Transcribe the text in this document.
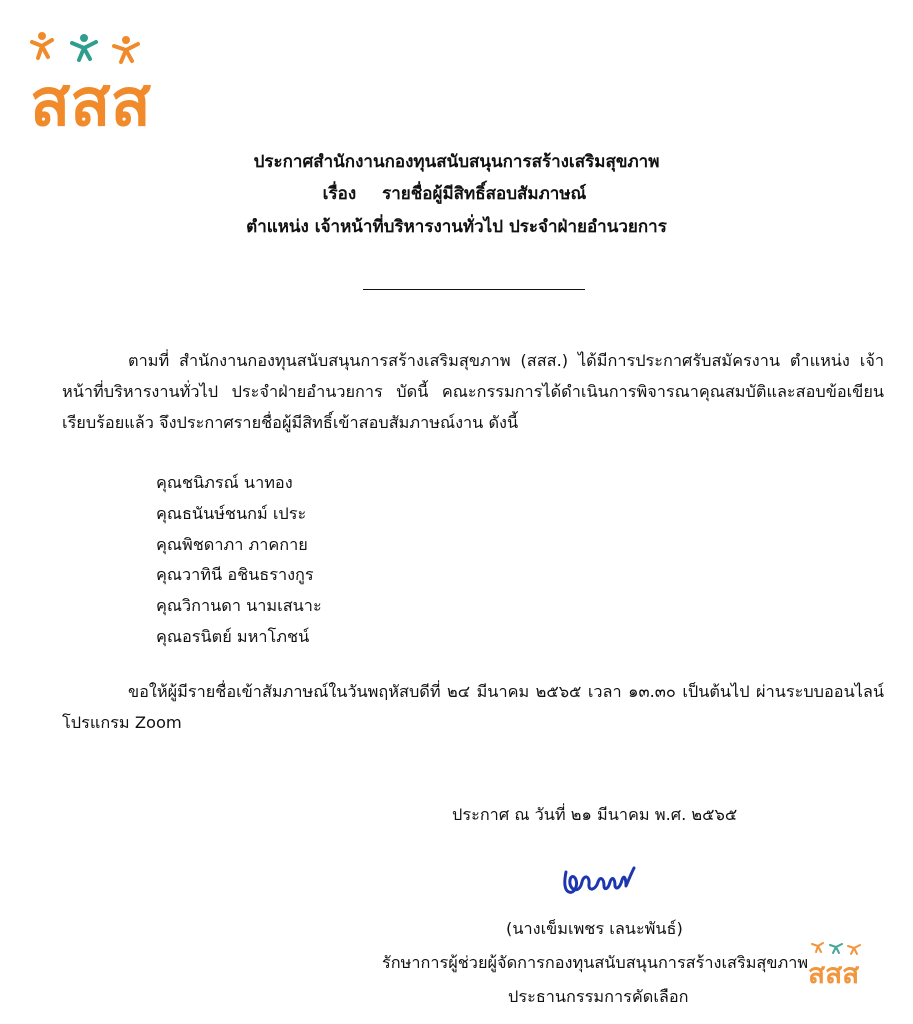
สสส
ประกาศสำนักงานกองทุนสนับสนุนการสร้างเสริมสุขภาพ
เรื่อง รายชื่อผู้มีสิทธิ์สอบสัมภาษณ์
ตำแหน่ง เจ้าหน้าที่บริหารงานทั่วไป ประจำฝ่ายอำนวยการ
ตามที่ สำนักงานกองทุนสนับสนุนการสร้างเสริมสุขภาพ (สสส.) ได้มีการประกาศรับสมัครงาน ตำแหน่ง เจ้าหน้าที่บริหารงานทั่วไป ประจำฝ่ายอำนวยการ บัดนี้ คณะกรรมการได้ดำเนินการพิจารณาคุณสมบัติและสอบข้อเขียนเรียบร้อยแล้ว จึงประกาศรายชื่อผู้มีสิทธิ์เข้าสอบสัมภาษณ์งาน ดังนี้
คุณชนิภรณ์ นาทอง
คุณธนันษ์ชนกม์ เประ
คุณพิชดาภา ภาคกาย
คุณวาทินี อชินธรางกูร
คุณวิกานดา นามเสนาะ
คุณอรนิตย์ มหาโภชน์
ขอให้ผู้มีรายชื่อเข้าสัมภาษณ์ในวันพฤหัสบดีที่ ๒๔ มีนาคม ๒๕๖๕ เวลา ๑๓.๓๐ เป็นต้นไป ผ่านระบบออนไลน์ โปรแกรม Zoom
ประกาศ ณ วันที่ ๒๑ มีนาคม พ.ศ. ๒๕๖๕
(นางเข็มเพชร เลนะพันธ์)
รักษาการผู้ช่วยผู้จัดการกองทุนสนับสนุนการสร้างเสริมสุขภาพ
ประธานกรรมการคัดเลือก
สสส
